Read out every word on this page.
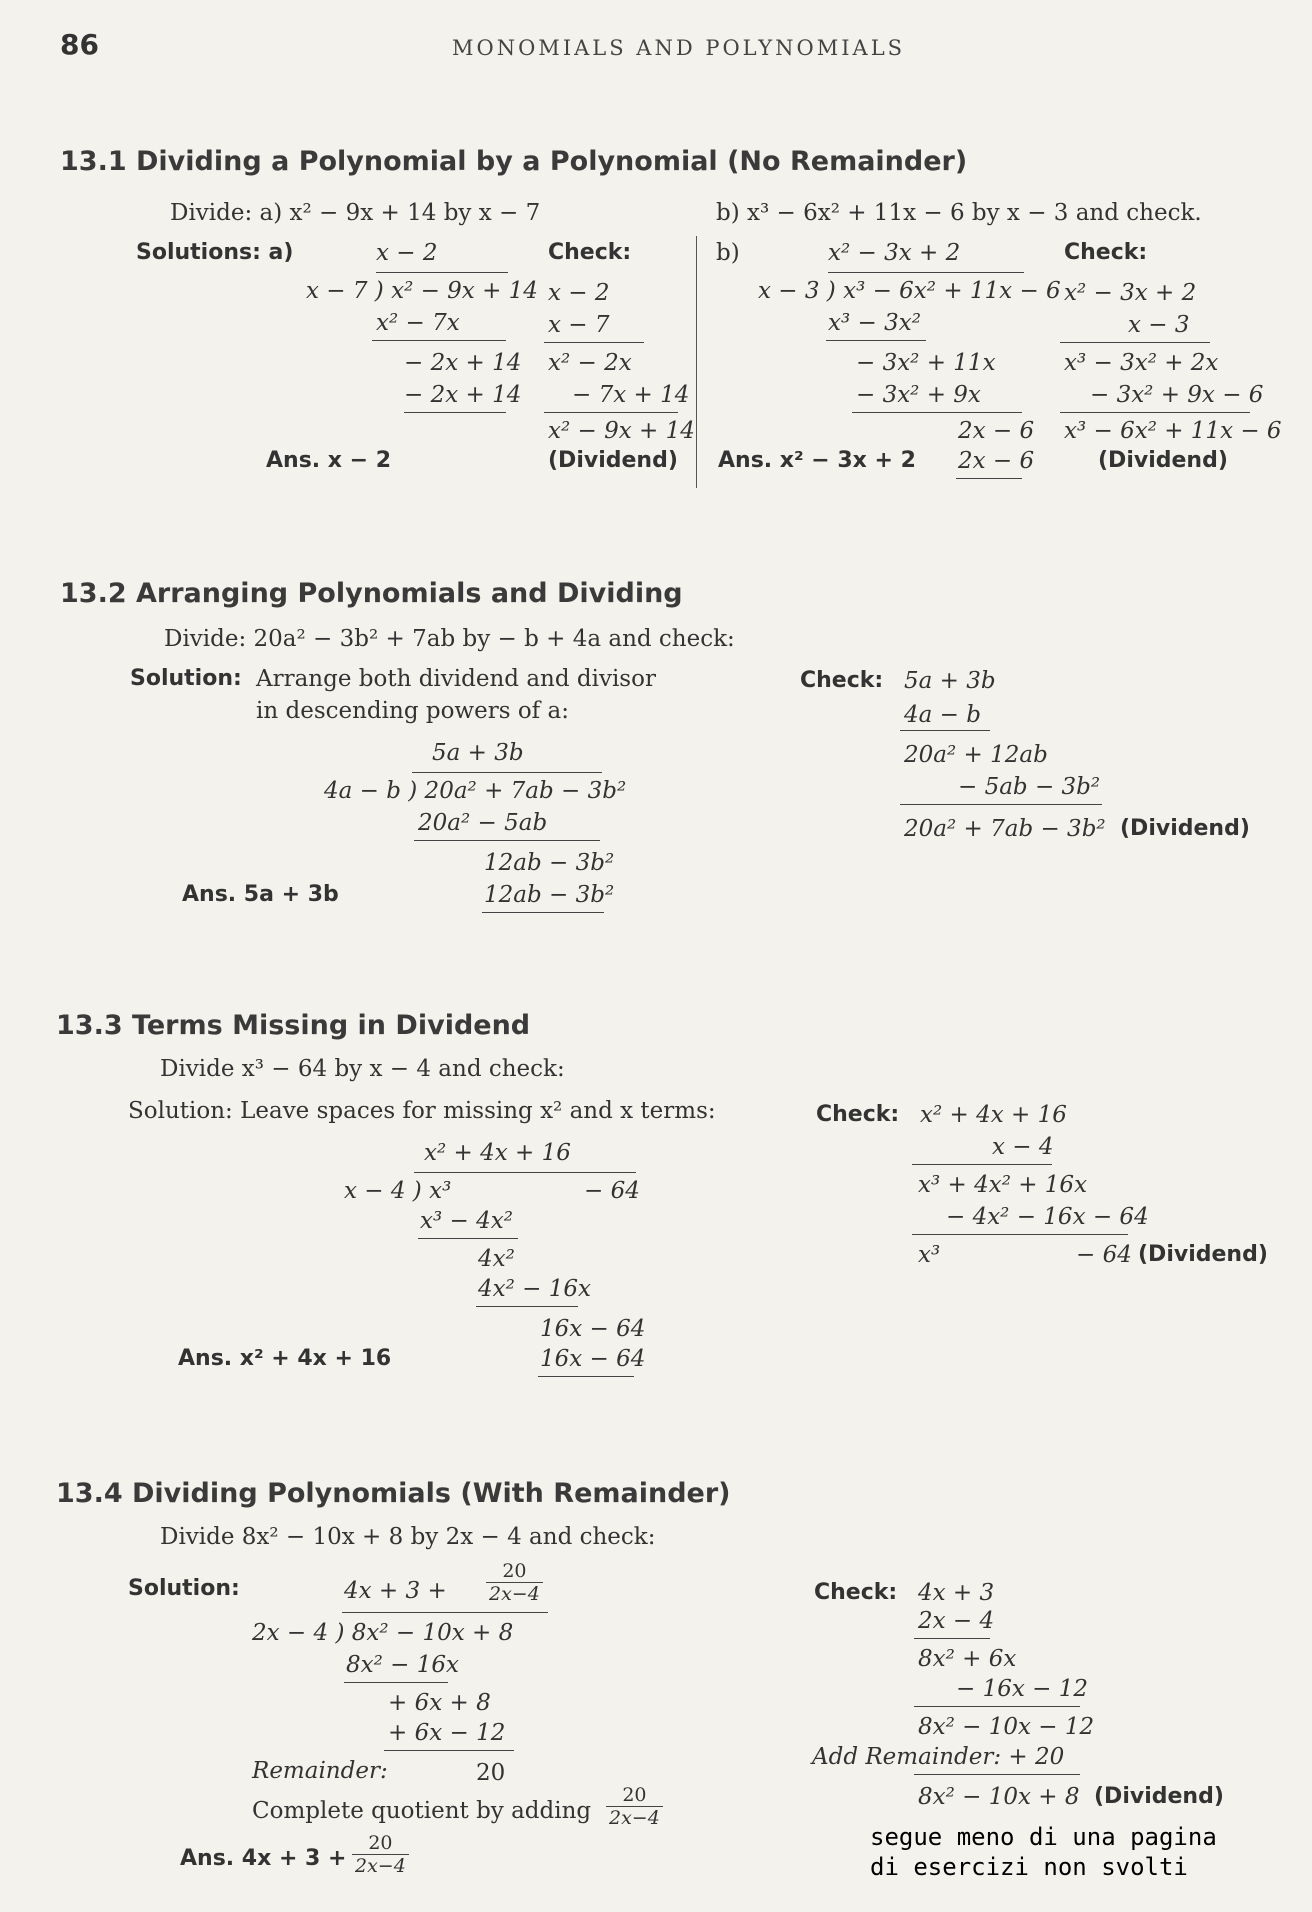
86	MONOMIALS AND POLYNOMIALS
13.1 Dividing a Polynomial by a Polynomial (No Remainder)
Divide: a) x² − 9x + 14 by x − 7	b) x³ − 6x² + 11x − 6 by x − 3 and check.
Solutions: a)	x − 2
x − 7 ) x² − 9x + 14
x² − 7x
− 2x + 14
− 2x + 14
Ans. x − 2
Check:
x − 2
x − 7
x² − 2x
− 7x + 14
x² − 9x + 14
(Dividend)
b)	x² − 3x + 2
x − 3 ) x³ − 6x² + 11x − 6
x³ − 3x²
− 3x² + 11x
− 3x² + 9x
2x − 6
2x − 6
Ans. x² − 3x + 2
Check:
x² − 3x + 2
x − 3
x³ − 3x² + 2x
− 3x² + 9x − 6
x³ − 6x² + 11x − 6
(Dividend)
13.2 Arranging Polynomials and Dividing
Divide: 20a² − 3b² + 7ab by − b + 4a and check:
Solution: Arrange both dividend and divisor
in descending powers of a:
5a + 3b
4a − b ) 20a² + 7ab − 3b²
20a² − 5ab
12ab − 3b²
12ab − 3b²
Ans. 5a + 3b
Check: 5a + 3b
4a − b
20a² + 12ab
− 5ab − 3b²
20a² + 7ab − 3b² (Dividend)
13.3 Terms Missing in Dividend
Divide x³ − 64 by x − 4 and check:
Solution: Leave spaces for missing x² and x terms:
x² + 4x + 16
x − 4 ) x³	− 64
x³ − 4x²
4x²
4x² − 16x
16x − 64
16x − 64
Ans. x² + 4x + 16
Check: x² + 4x + 16
x − 4
x³ + 4x² + 16x
− 4x² − 16x − 64
x³	− 64 (Dividend)
13.4 Dividing Polynomials (With Remainder)
Divide 8x² − 10x + 8 by 2x − 4 and check:
Solution:	$4x + 3 + \frac{20}{2x-4}$
2x − 4 ) 8x² − 10x + 8
8x² − 16x
+ 6x + 8
+ 6x − 12
Remainder:	20
Complete quotient by adding $\frac{20}{2x-4}$
Ans. $4x + 3 + \frac{20}{2x-4}$
Check: 4x + 3
2x − 4
8x² + 6x
− 16x − 12
8x² − 10x − 12
Add Remainder: + 20
8x² − 10x + 8 (Dividend)
segue meno di una pagina
di esercizi non svolti
